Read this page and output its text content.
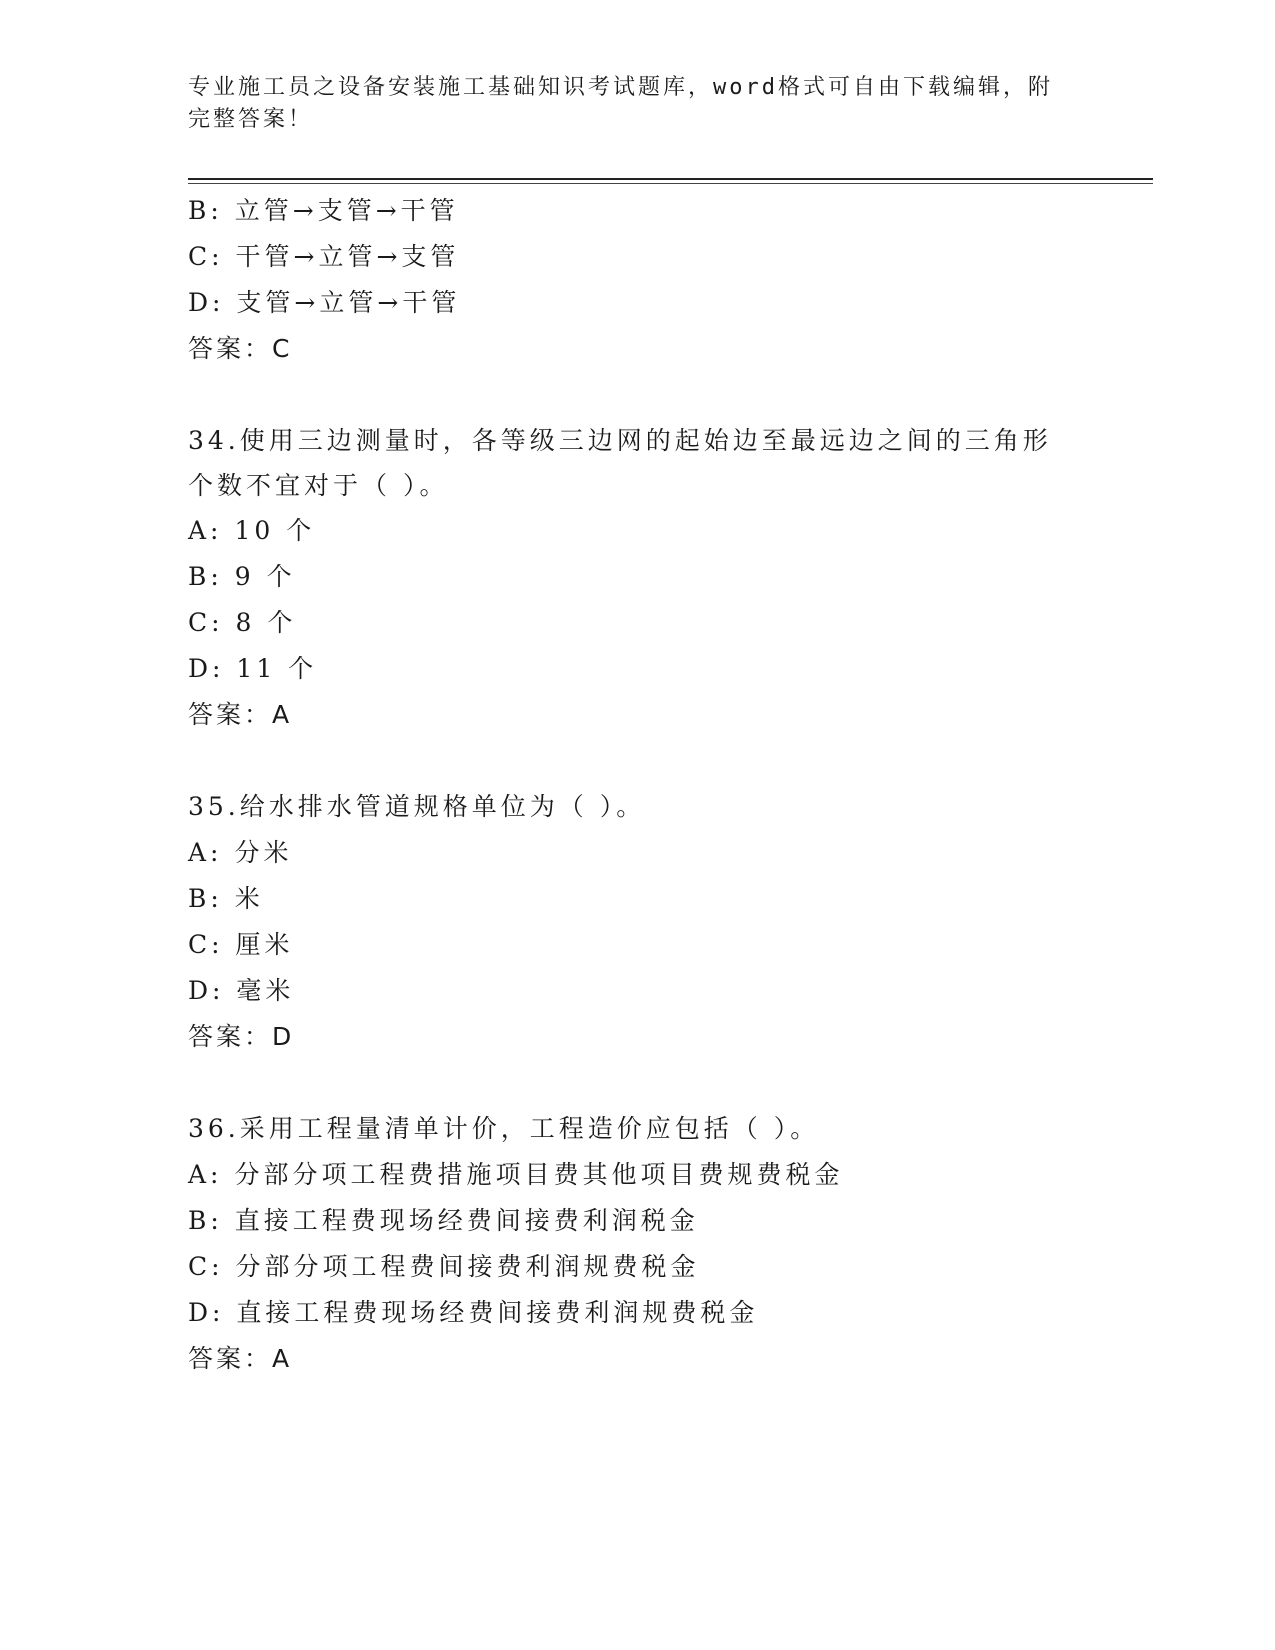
专业施工员之设备安装施工基础知识考试题库，word格式可自由下载编辑，附完整答案！
B: 立管→支管→干管
C: 干管→立管→支管
D: 支管→立管→干管
答案：C
34.使用三边测量时，各等级三边网的起始边至最远边之间的三角形个数不宜对于（ ）。
A: 10 个
B: 9 个
C: 8 个
D: 11 个
答案：A
35.给水排水管道规格单位为（ ）。
A: 分米
B: 米
C: 厘米
D: 毫米
答案：D
36.采用工程量清单计价，工程造价应包括（ ）。
A: 分部分项工程费措施项目费其他项目费规费税金
B: 直接工程费现场经费间接费利润税金
C: 分部分项工程费间接费利润规费税金
D: 直接工程费现场经费间接费利润规费税金
答案：A
